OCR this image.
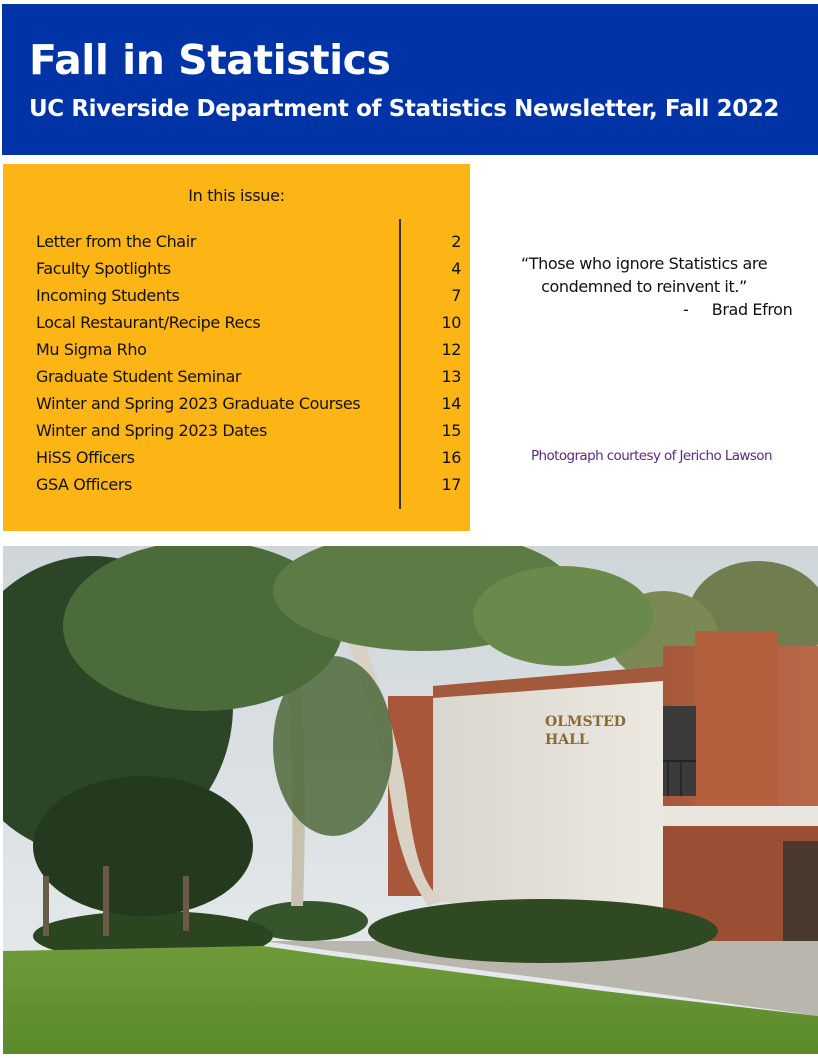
Fall in Statistics
UC Riverside Department of Statistics Newsletter, Fall 2022
In this issue:
Letter from the Chair	2
Faculty Spotlights	4
Incoming Students	7
Local Restaurant/Recipe Recs	10
Mu Sigma Rho	12
Graduate Student Seminar	13
Winter and Spring 2023 Graduate Courses	14
Winter and Spring 2023 Dates	15
HiSS Officers	16
GSA Officers	17
“Those who ignore Statistics are condemned to reinvent it.”
-     Brad Efron
Photograph courtesy of Jericho Lawson
OLMSTED
HALL
